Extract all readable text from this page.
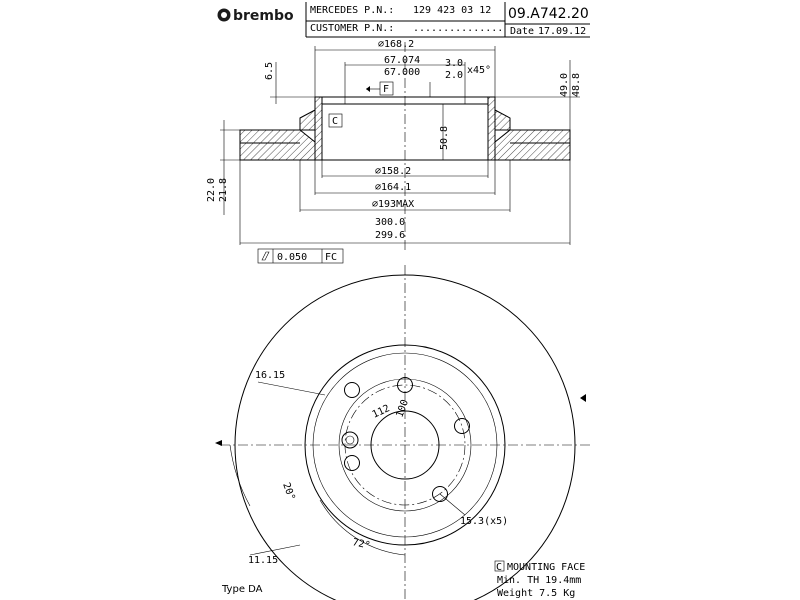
brembo MERCEDES P.N.: 129 423 03 12
CUSTOMER P.N.: ...............
09.A742.20
Date 17.09.12
⌀168.2
67.074
67.000
3.0
2.0 x45°
F
C
6.5
50.8
49.0 48.8
22.0 21.8
⌀158.2
⌀164.1
⌀193MAX
300.0
299.6
0.050 FC
112 100
16.15
20°
15.3(x5)
72°
11.15
Type DA
C MOUNTING FACE
Min. TH 19.4mm
Weight 7.5 Kg
